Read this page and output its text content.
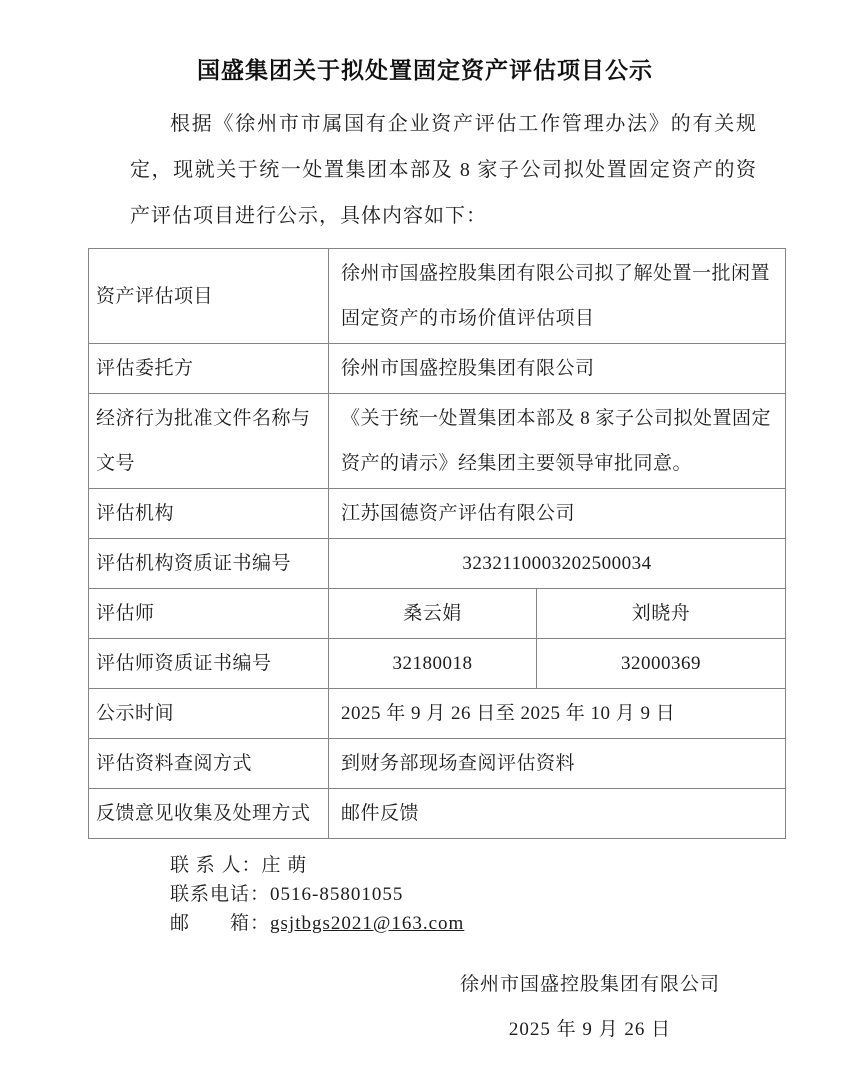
国盛集团关于拟处置固定资产评估项目公示

根据《徐州市市属国有企业资产评估工作管理办法》的有关规定，现就关于统一处置集团本部及 8 家子公司拟处置固定资产的资产评估项目进行公示，具体内容如下：

资产评估项目	徐州市国盛控股集团有限公司拟了解处置一批闲置固定资产的市场价值评估项目	
评估委托方	徐州市国盛控股集团有限公司	
经济行为批准文件名称与文号	《关于统一处置集团本部及 8 家子公司拟处置固定资产的请示》经集团主要领导审批同意。	
评估机构	江苏国德资产评估有限公司	
评估机构资质证书编号	3232110003202500034	
评估师	桑云娟	刘晓舟
评估师资质证书编号	32180018	32000369
公示时间	2025 年 9 月 26 日至 2025 年 10 月 9 日	
评估资料查阅方式	到财务部现场查阅评估资料	
反馈意见收集及处理方式	邮件反馈	
联 系 人：庄 萌
联系电话：0516-85801055
邮　　箱：gsjtbgs2021@163.com
徐州市国盛控股集团有限公司
2025 年 9 月 26 日
